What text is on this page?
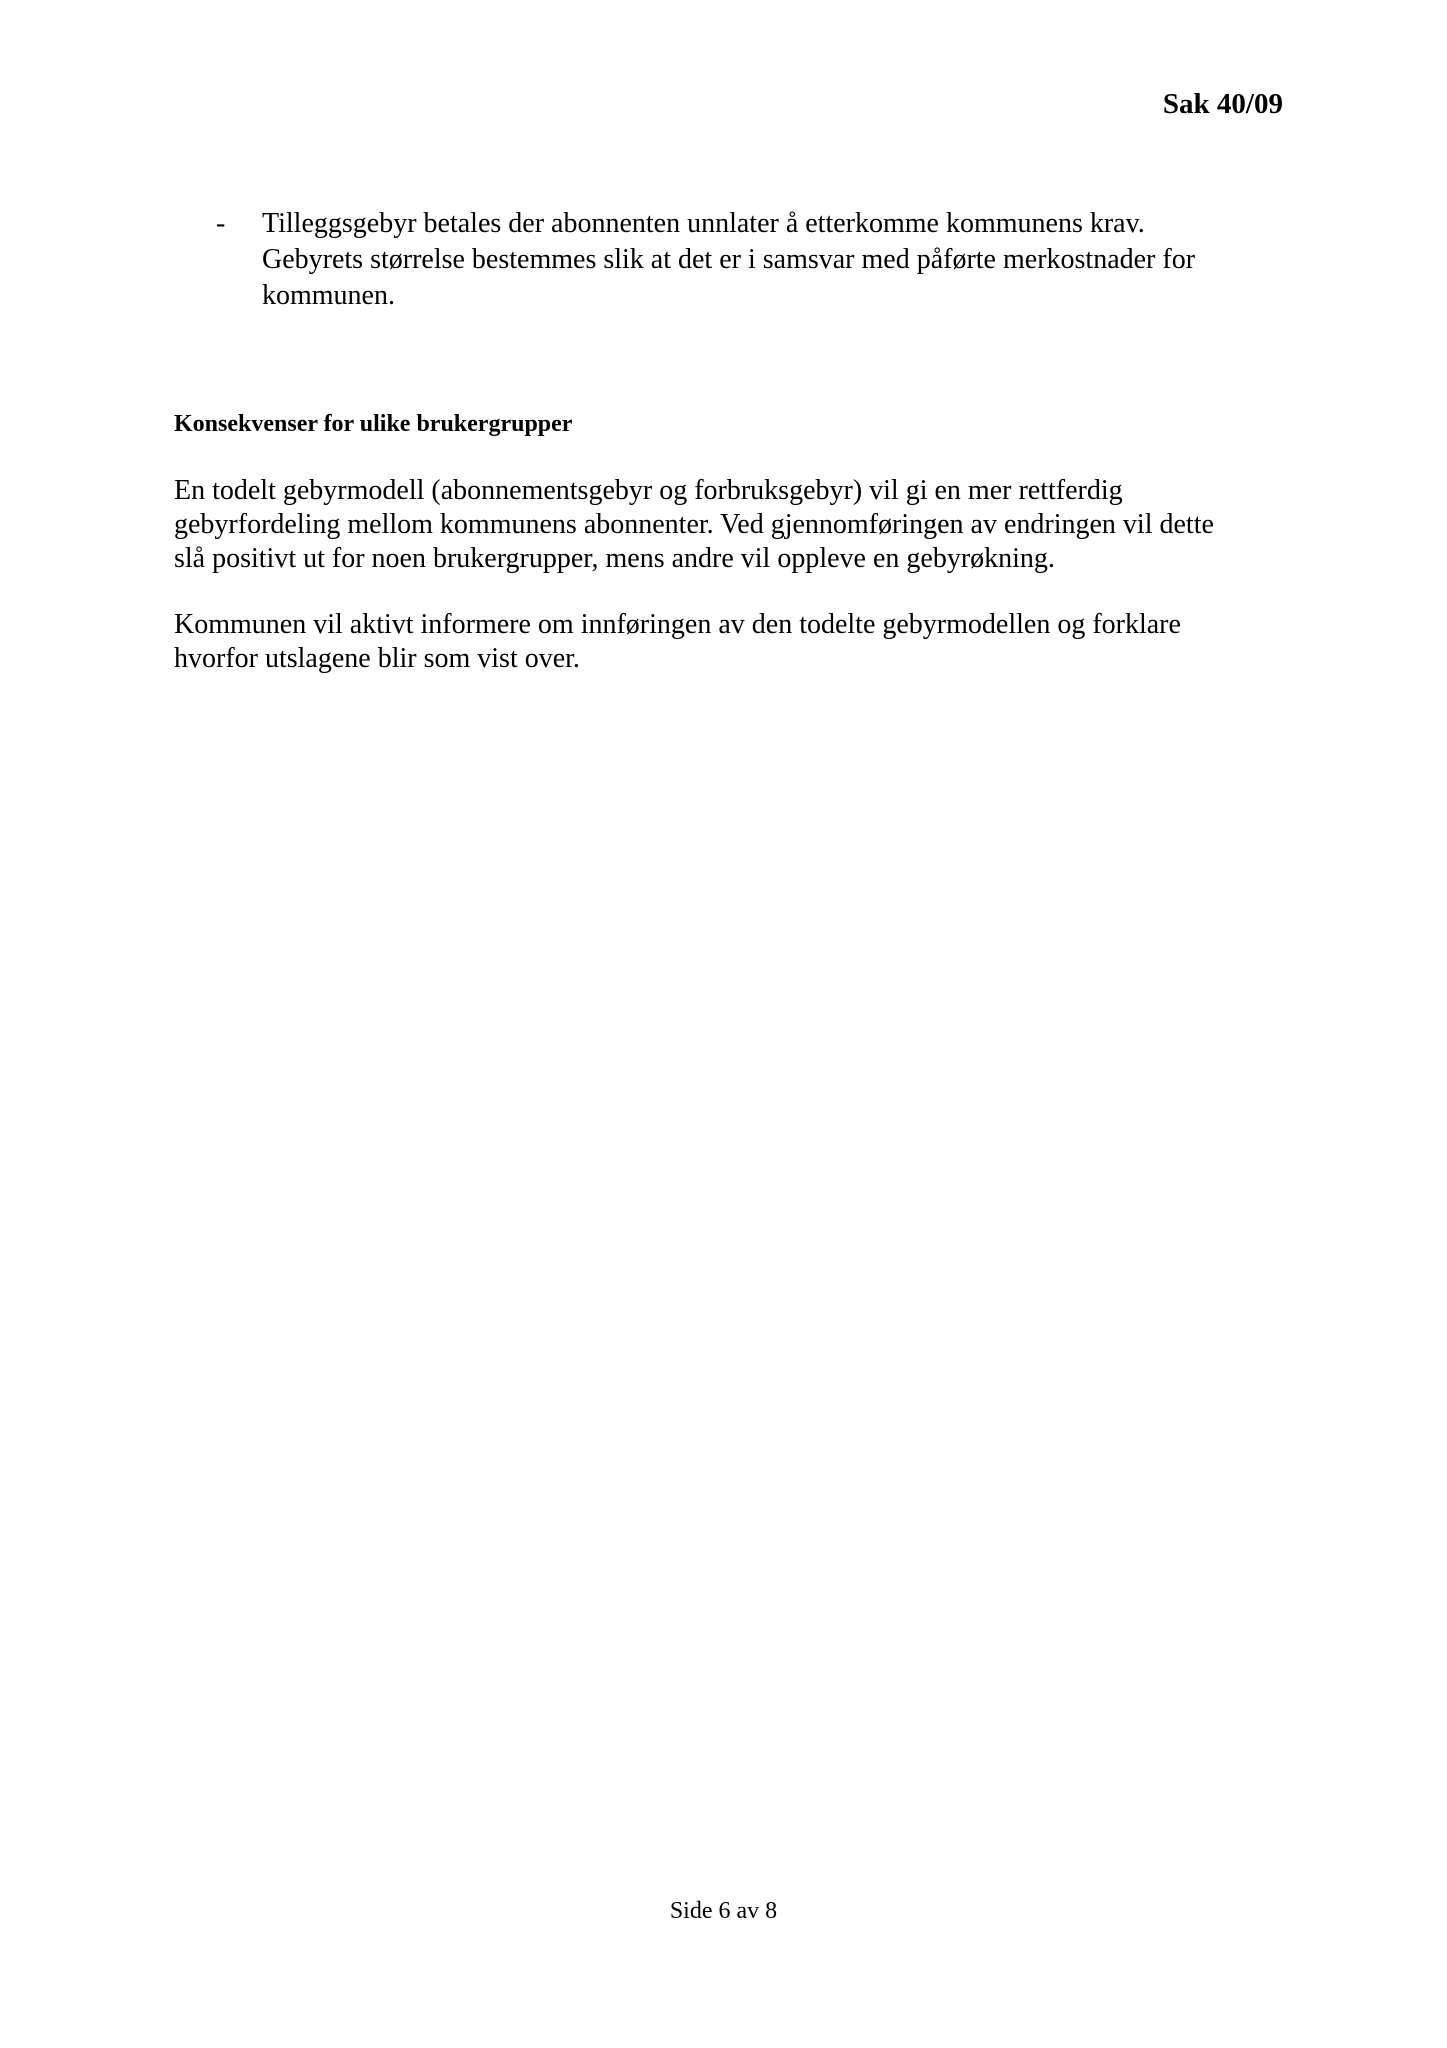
Sak 40/09
- Tilleggsgebyr betales der abonnenten unnlater å etterkomme kommunens krav.
Gebyrets størrelse bestemmes slik at det er i samsvar med påførte merkostnader for
kommunen.
Konsekvenser for ulike brukergrupper

En todelt gebyrmodell (abonnementsgebyr og forbruksgebyr) vil gi en mer rettferdig
gebyrfordeling mellom kommunens abonnenter. Ved gjennomføringen av endringen vil dette
slå positivt ut for noen brukergrupper, mens andre vil oppleve en gebyrøkning.

Kommunen vil aktivt informere om innføringen av den todelte gebyrmodellen og forklare
hvorfor utslagene blir som vist over.

Side 6 av 8
